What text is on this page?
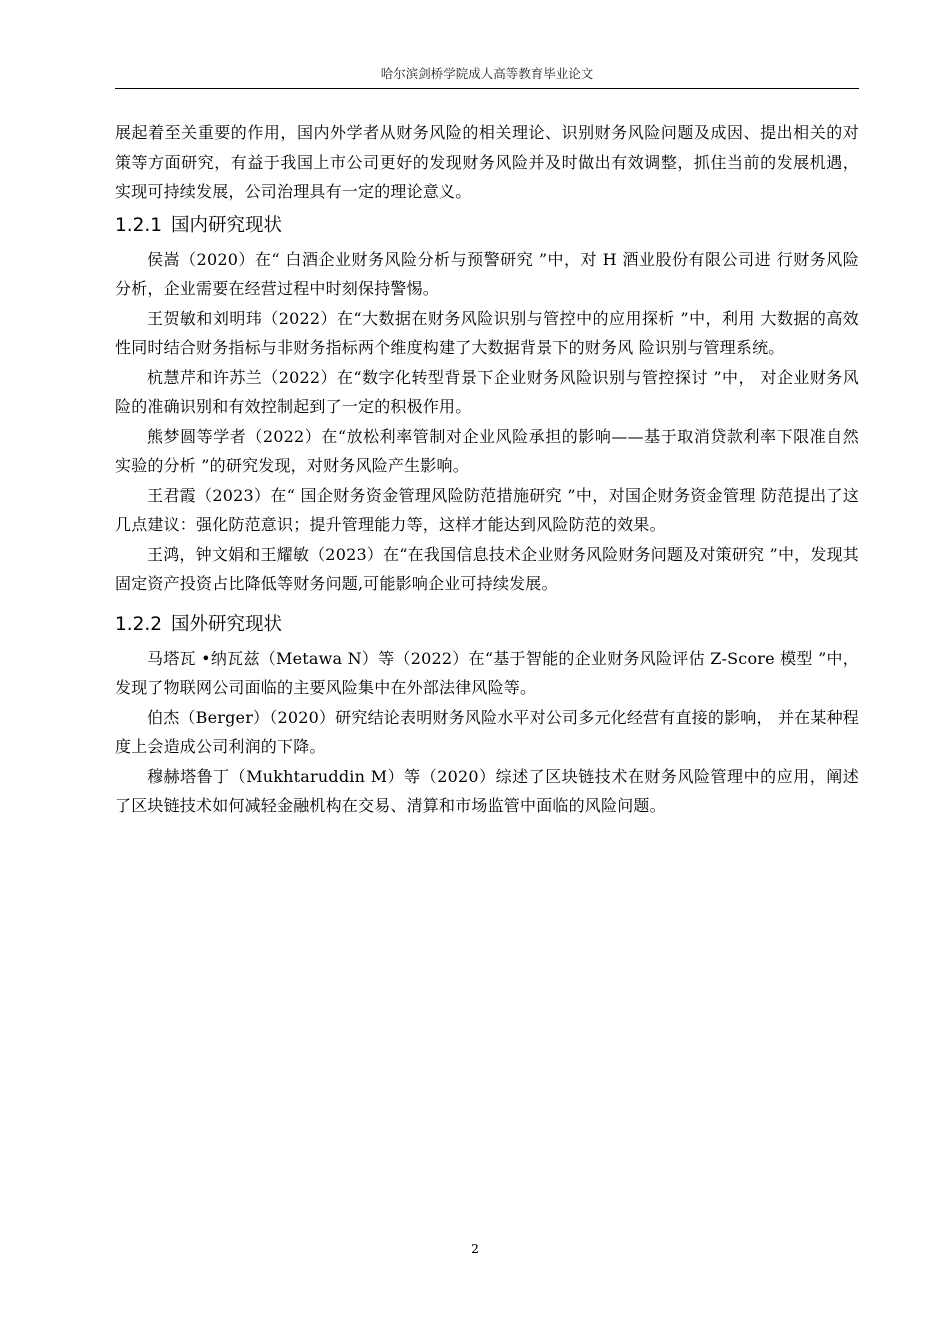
哈尔滨剑桥学院成人高等教育毕业论文

展起着至关重要的作用，国内外学者从财务风险的相关理论、识别财务风险问题及成因、提出相关的对策等方面研究，有益于我国上市公司更好的发现财务风险并及时做出有效调整，抓住当前的发展机遇，实现可持续发展，公司治理具有一定的理论意义。

1.2.1 国内研究现状

侯嵩（2020）在“ 白酒企业财务风险分析与预警研究 ”中，对 H 酒业股份有限公司进 行财务风险分析，企业需要在经营过程中时刻保持警惕。

王贺敏和刘明玮（2022）在“大数据在财务风险识别与管控中的应用探析 ”中，利用 大数据的高效性同时结合财务指标与非财务指标两个维度构建了大数据背景下的财务风 险识别与管理系统。

杭慧芹和许苏兰（2022）在“数字化转型背景下企业财务风险识别与管控探讨 ”中， 对企业财务风险的准确识别和有效控制起到了一定的积极作用。

熊梦圆等学者（2022）在“放松利率管制对企业风险承担的影响——基于取消贷款利率下限准自然实验的分析 ”的研究发现，对财务风险产生影响。

王君霞（2023）在“ 国企财务资金管理风险防范措施研究 ”中，对国企财务资金管理 防范提出了这几点建议：强化防范意识；提升管理能力等，这样才能达到风险防范的效果。

王鸿，钟文娟和王耀敏（2023）在“在我国信息技术企业财务风险财务问题及对策研究 ”中，发现其固定资产投资占比降低等财务问题,可能影响企业可持续发展。

1.2.2 国外研究现状

马塔瓦 •纳瓦兹（Metawa N）等（2022）在“基于智能的企业财务风险评估 Z-Score 模型 ”中，发现了物联网公司面临的主要风险集中在外部法律风险等。

伯杰（Berger）（2020）研究结论表明财务风险水平对公司多元化经营有直接的影响， 并在某种程度上会造成公司利润的下降。

穆赫塔鲁丁（Mukhtaruddin M）等（2020）综述了区块链技术在财务风险管理中的应用，阐述了区块链技术如何减轻金融机构在交易、清算和市场监管中面临的风险问题。

2
